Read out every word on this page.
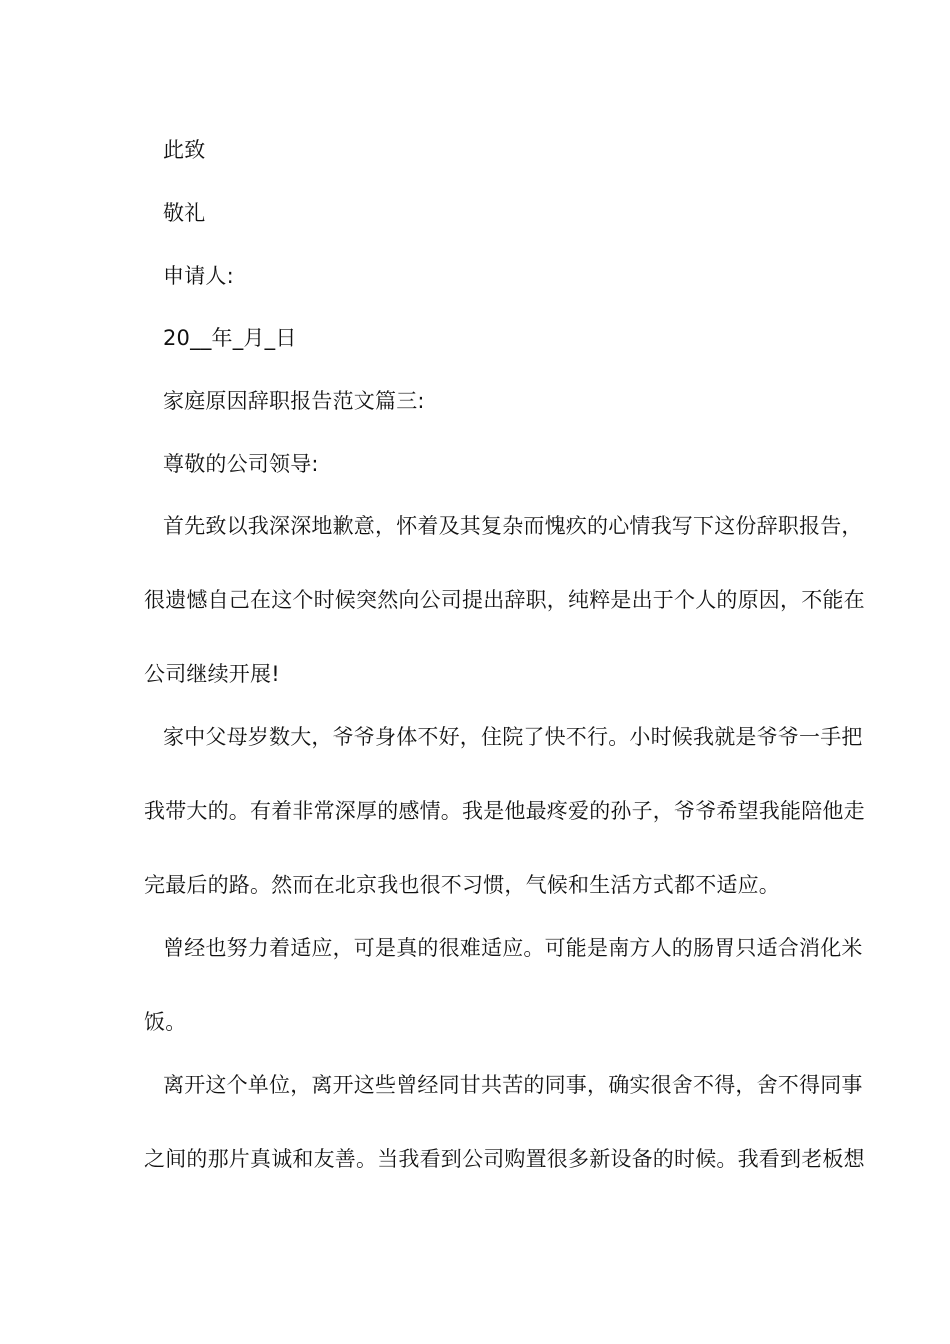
此致
敬礼
申请人:
20__年_月_日
家庭原因辞职报告范文篇三:
尊敬的公司领导:
首先致以我深深地歉意，怀着及其复杂而愧疚的心情我写下这份辞职报告，
很遗憾自己在这个时候突然向公司提出辞职，纯粹是出于个人的原因，不能在
公司继续开展!
家中父母岁数大，爷爷身体不好，住院了快不行。小时候我就是爷爷一手把
我带大的。有着非常深厚的感情。我是他最疼爱的孙子，爷爷希望我能陪他走
完最后的路。然而在北京我也很不习惯，气候和生活方式都不适应。
曾经也努力着适应，可是真的很难适应。可能是南方人的肠胃只适合消化米
饭。
离开这个单位，离开这些曾经同甘共苦的同事，确实很舍不得，舍不得同事
之间的那片真诚和友善。当我看到公司购置很多新设备的时候。我看到老板想
